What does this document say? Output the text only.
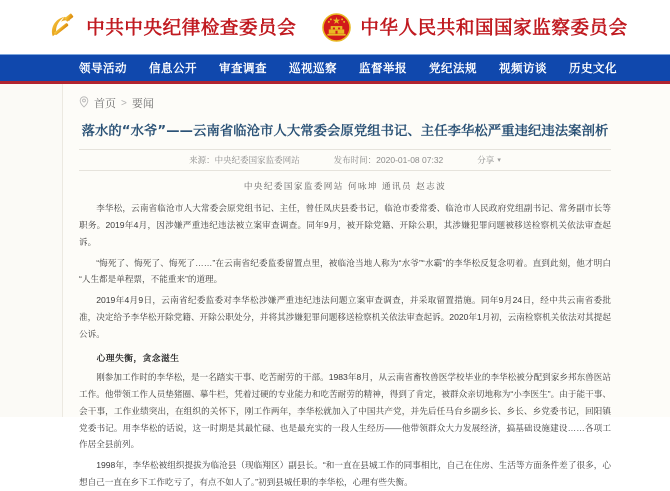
中共中央纪律检查委员会	中华人民共和国国家监察委员会
领导活动 信息公开 审查调查 巡视巡察 监督举报 党纪法规 视频访谈 历史文化
首页 > 要闻
落水的“水爷”——云南省临沧市人大常委会原党组书记、主任李华松严重违纪违法案剖析
来源：中央纪委国家监委网站	发布时间：2020-01-08 07:32	分享 ▾
中央纪委国家监委网站 何咏坤 通讯员 赵志波

李华松，云南省临沧市人大常委会原党组书记、主任，曾任凤庆县委书记，临沧市委常委、临沧市人民政府党组副书记、常务副市长等职务。2019年4月，因涉嫌严重违纪违法被立案审查调查。同年9月，被开除党籍、开除公职，其涉嫌犯罪问题被移送检察机关依法审查起诉。

“悔死了、悔死了、悔死了……”在云南省纪委监委留置点里，被临沧当地人称为“水爷”“水霸”的李华松反复念叨着。直到此刻，他才明白“人生都是单程票，不能重来”的道理。

2019年4月9日，云南省纪委监委对李华松涉嫌严重违纪违法问题立案审查调查，并采取留置措施。同年9月24日，经中共云南省委批准，决定给予李华松开除党籍、开除公职处分，并将其涉嫌犯罪问题移送检察机关依法审查起诉。2020年1月初，云南检察机关依法对其提起公诉。

心理失衡，贪念滋生

刚参加工作时的李华松，是一名踏实干事、吃苦耐劳的干部。1983年8月，从云南省畜牧兽医学校毕业的李华松被分配到家乡邦东兽医站工作。他带领工作人员垫猪圈、摹牛栏，凭着过硬的专业能力和吃苦耐劳的精神，得到了肯定，被群众亲切地称为“小李医生”。由于能干事、会干事，工作业绩突出，在组织的关怀下，刚工作两年，李华松就加入了中国共产党，并先后任马台乡副乡长、乡长、乡党委书记，回阳镇党委书记。用李华松的话说，这一时期是其最忙碌、也是最充实的一段人生经历——他带领群众大力发展经济，搞基础设施建设……各项工作居全县前列。

1998年，李华松被组织提拔为临沧县（现临翔区）副县长。“和一直在县城工作的同事相比，自己在住房、生活等方面条件差了很多，心想自己一直在乡下工作吃亏了，有点不如人了。”初到县城任职的李华松，心理有些失衡。
